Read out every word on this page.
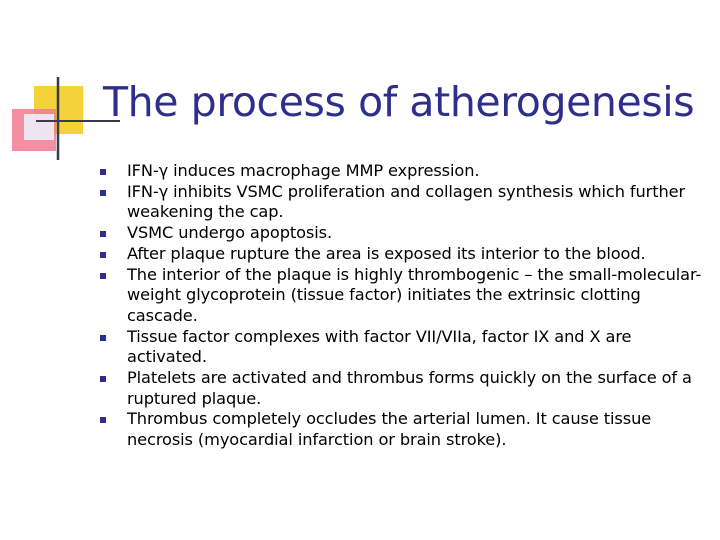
The process of atherogenesis
IFN-γ induces macrophage MMP expression.
IFN-γ inhibits VSMC proliferation and collagen synthesis which further weakening the cap.
VSMC undergo apoptosis.
After plaque rupture the area is exposed its interior to the blood.
The interior of the plaque is highly thrombogenic – the small-molecular-weight glycoprotein (tissue factor) initiates the extrinsic clotting cascade.
Tissue factor complexes with factor VII/VIIa, factor IX and X are activated.
Platelets are activated and thrombus forms quickly on the surface of a ruptured plaque.
Thrombus completely occludes the arterial lumen. It cause tissue necrosis (myocardial infarction or brain stroke).
